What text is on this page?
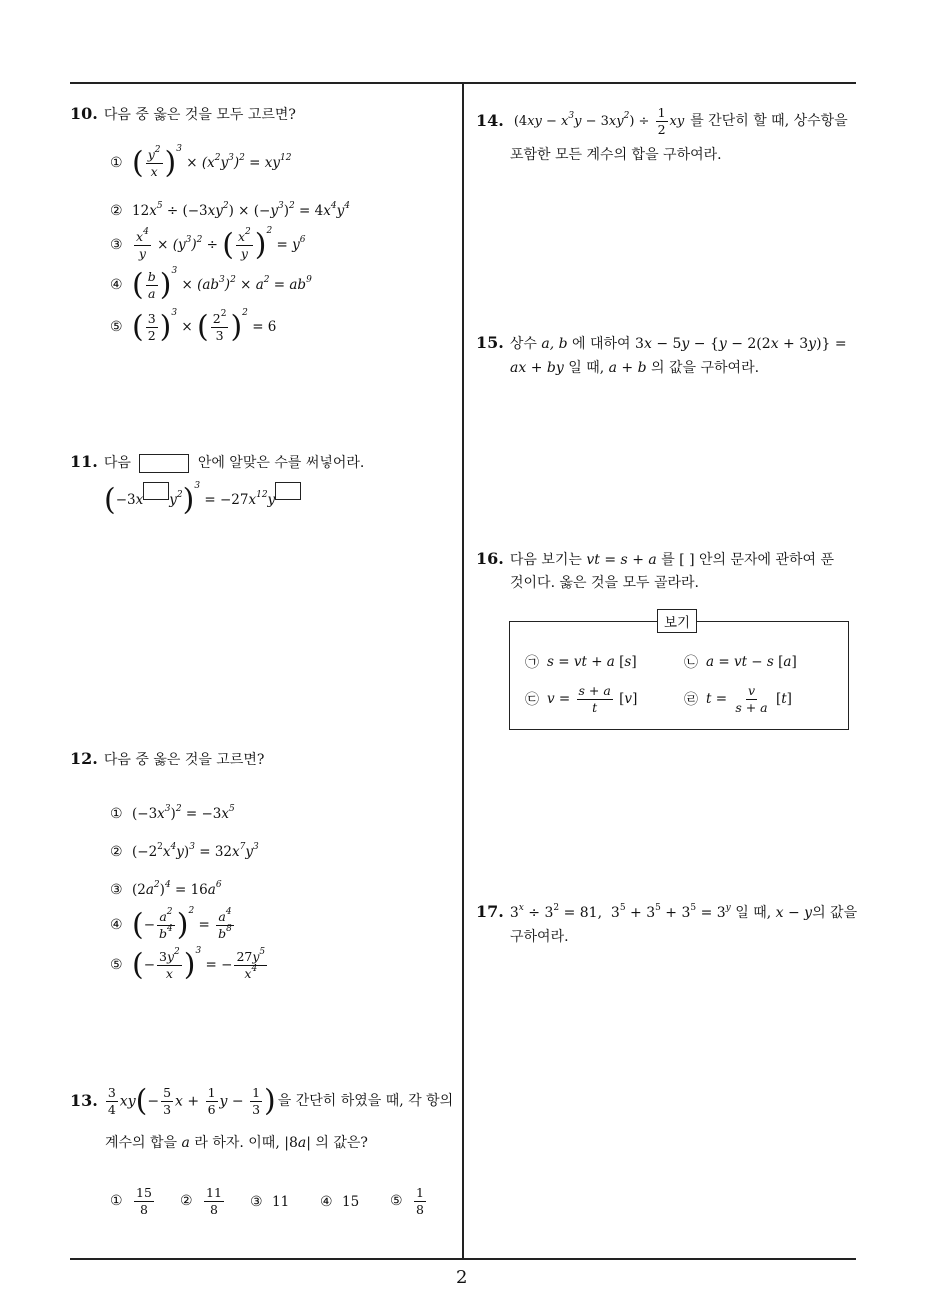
10. 다음 중 옳은 것을 모두 고르면?
① ( $\frac{y^2}{x} )^3 \times (x^2y^3)^2 = xy^{12}$
② $12x^5 \div (-3xy^2) \times (-y^3)^2 = 4x^4y^4$
③ $\frac{x^4}{y} \times (y^3)^2$ ÷ ( $\frac{x^2}{y} )^2 = y^6$
④ ( $\frac{b}{a} )^3 \times (ab^3)^2 \times a^2 = ab^9$
⑤ ( $\frac{3}{2} )^3$ × ( $\frac{2^2}{3} )^2 = 6$
11. 다음	안에 알맞은 수를 써넣어라.
(−3x $y^2)^3 = -27x^{12}y$
12. 다음 중 옳은 것을 고르면?
① $(-3x^3)^2 = -3x^5$
② $(-2^2x^4y)^3 = 32x^7y^3$
③ $(2a^2)^4 = 16a^6$
④ (− $\frac{a^2}{b^4} )^2 = \frac{a^4}{b^8}$
⑤ (− $\frac{3y^2}{x} )^3$ = − $\frac{27y^5}{x^4}$
13. $\frac{3}{4} xy(- \frac{5}{3}$ $x + \frac{1}{6}$ $y - \frac{1}{3}$ ) 을 간단히 하였을 때, 각 항의
계수의 합을 a 라 하자. 이때, |8a| 의 값은?
① $\frac{15}{8}$ ② $\frac{11}{8}$ ③ 11 ④ 15 ⑤ $\frac{1}{8}$
14. $(4xy - x^3y - 3xy^2) \div \frac{1}{2}$ xy 를 간단히 할 때, 상수항을
포함한 모든 계수의 합을 구하여라.
15. 상수 a, b 에 대하여 3x − 5y − {y − 2(2x + 3y)} =
ax + by 일 때, a + b 의 값을 구하여라.
16. 다음 보기는 vt = s + a 를 [ ] 안의 문자에 관하여 푼
것이다. 옳은 것을 모두 골라라.
보기
㉠ s = vt + a [s]	㉡ a = vt − s [a]
㉢ $v = \frac{s + a}{t} [v]$	㉣ $t = \frac{v}{s + a} [t]$
17. $3^x \div 3^2 = 81$,  $3^5 + 3^5 + 3^5 = 3^y$ 일 때, x − y의 값을
구하여라.
2
